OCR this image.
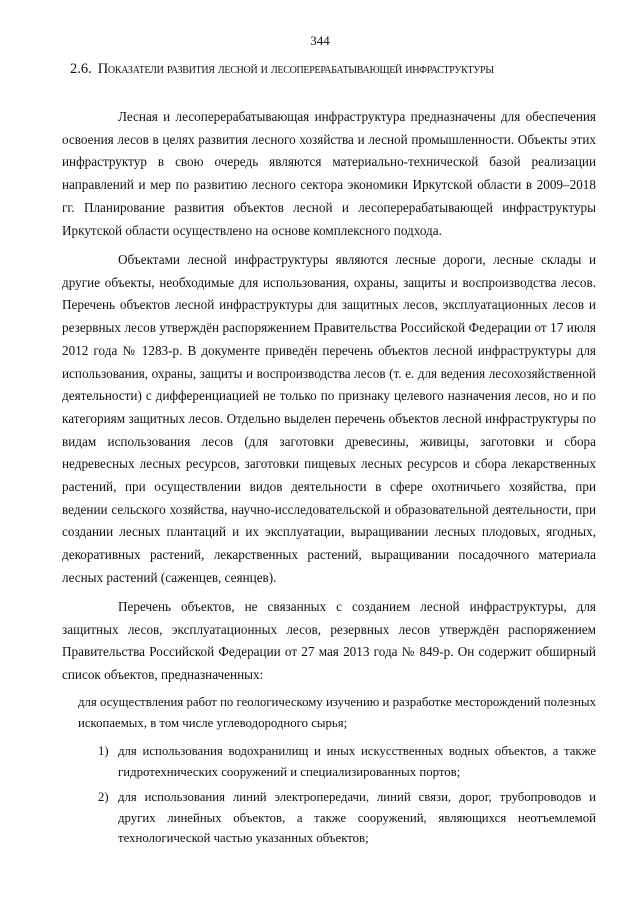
344
2.6. Показатели развития лесной и лесоперерабатывающей инфраструктуры

Лесная и лесоперерабатывающая инфраструктура предназначены для обеспечения освоения лесов в целях развития лесного хозяйства и лесной промышленности. Объекты этих инфраструктур в свою очередь являются материально-технической базой реализации направлений и мер по развитию лесного сектора экономики Иркутской области в 2009–2018 гг. Планирование развития объектов лесной и лесоперерабатывающей инфраструктуры Иркутской области осуществлено на основе комплексного подхода.

Объектами лесной инфраструктуры являются лесные дороги, лесные склады и другие объекты, необходимые для использования, охраны, защиты и воспроизводства лесов. Перечень объектов лесной инфраструктуры для защитных лесов, эксплуатационных лесов и резервных лесов утверждён распоряжением Правительства Российской Федерации от 17 июля 2012 года № 1283-р. В документе приведён перечень объектов лесной инфраструктуры для использования, охраны, защиты и воспроизводства лесов (т. е. для ведения лесохозяйственной деятельности) с дифференциацией не только по признаку целевого назначения лесов, но и по категориям защитных лесов. Отдельно выделен перечень объектов лесной инфраструктуры по видам использования лесов (для заготовки древесины, живицы, заготовки и сбора недревесных лесных ресурсов, заготовки пищевых лесных ресурсов и сбора лекарственных растений, при осуществлении видов деятельности в сфере охотничьего хозяйства, при ведении сельского хозяйства, научно-исследовательской и образовательной деятельности, при создании лесных плантаций и их эксплуатации, выращивании лесных плодовых, ягодных, декоративных растений, лекарственных растений, выращивании посадочного материала лесных растений (саженцев, сеянцев).

Перечень объектов, не связанных с созданием лесной инфраструктуры, для защитных лесов, эксплуатационных лесов, резервных лесов утверждён распоряжением Правительства Российской Федерации от 27 мая 2013 года № 849-р. Он содержит обширный список объектов, предназначенных:

для осуществления работ по геологическому изучению и разработке месторождений полезных ископаемых, в том числе углеводородного сырья;

1) для использования водохранилищ и иных искусственных водных объектов, а также гидротехнических сооружений и специализированных портов;
2) для использования линий электропередачи, линий связи, дорог, трубопроводов и других линейных объектов, а также сооружений, являющихся неотъемлемой технологической частью указанных объектов;
